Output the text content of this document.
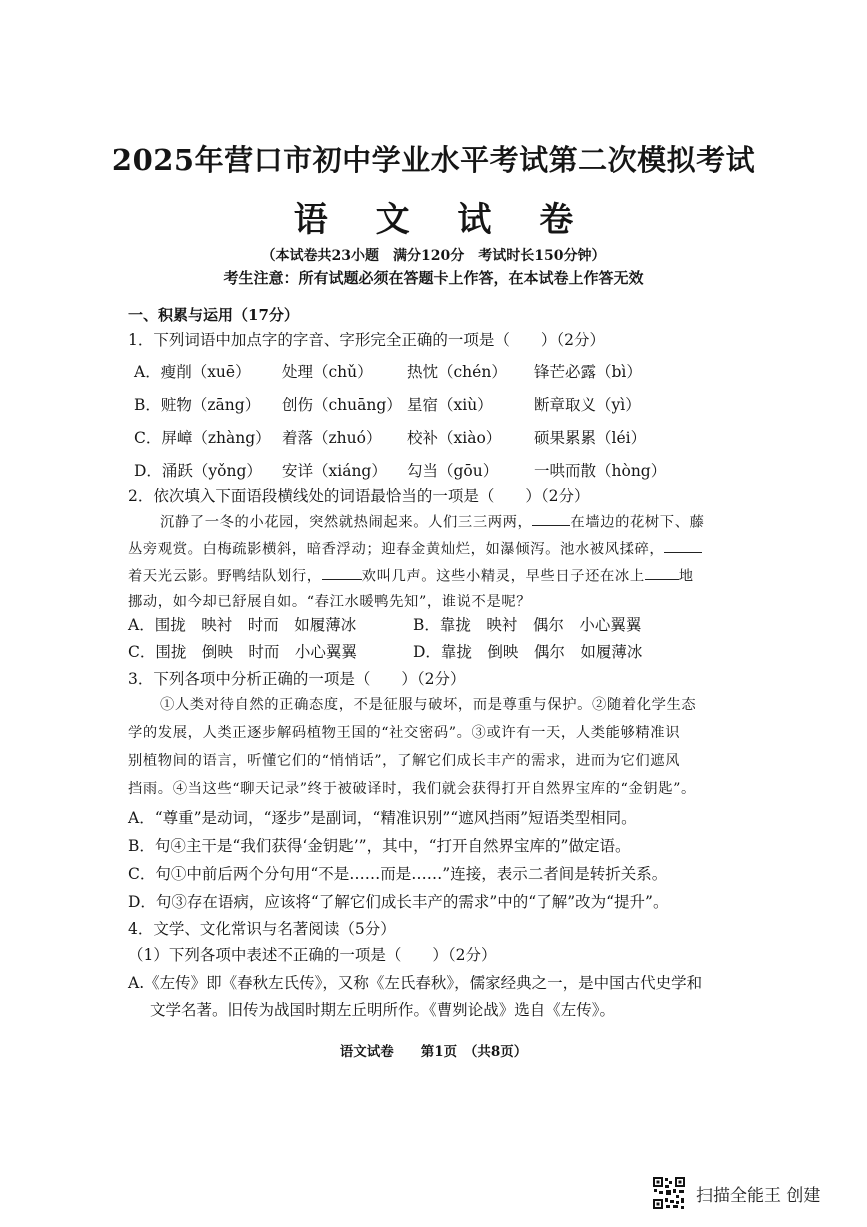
2025年营口市初中学业水平考试第二次模拟考试
语 文 试 卷
（本试卷共23小题　满分120分　考试时长150分钟）
考生注意：所有试题必须在答题卡上作答，在本试卷上作答无效
一、积累与运用（17分）
1．下列词语中加点字的字音、字形完全正确的一项是（　　）（2分）
A．瘦削（xuē） 处理（chǔ） 热忱（chén） 锋芒必露（bì）
B．赃物（zāng） 创伤（chuāng） 星宿（xiù）	断章取义（yì）
C．屏嶂（zhàng） 着落（zhuó） 校补（xiào） 硕果累累（léi）
D．涌跃（yǒng） 安详（xiáng） 勾当（gōu） 一哄而散（hòng）
2．依次填入下面语段横线处的词语最恰当的一项是（　　）（2分）
沉静了一冬的小花园，突然就热闹起来。人们三三两两，	在墙边的花树下、藤
丛旁观赏。白梅疏影横斜，暗香浮动；迎春金黄灿烂，如瀑倾泻。池水被风揉碎，
着天光云影。野鸭结队划行，	欢叫几声。这些小精灵，早些日子还在冰上 地
挪动，如今却已舒展自如。“春江水暖鸭先知”，谁说不是呢？
A．围拢　映衬　时而　如履薄冰	B．靠拢　映衬　偶尔　小心翼翼
C．围拢　倒映　时而　小心翼翼	D．靠拢　倒映　偶尔　如履薄冰
3．下列各项中分析正确的一项是（　　）（2分）
①人类对待自然的正确态度，不是征服与破坏，而是尊重与保护。②随着化学生态
学的发展，人类正逐步解码植物王国的“社交密码”。③或许有一天，人类能够精准识
别植物间的语言，听懂它们的“悄悄话”，了解它们成长丰产的需求，进而为它们遮风
挡雨。④当这些“聊天记录”终于被破译时，我们就会获得打开自然界宝库的“金钥匙”。
A．“尊重”是动词，“逐步”是副词，“精准识别”“遮风挡雨”短语类型相同。
B．句④主干是“我们获得‘金钥匙’”，其中，“打开自然界宝库的”做定语。
C．句①中前后两个分句用“不是……而是……”连接，表示二者间是转折关系。
D．句③存在语病，应该将“了解它们成长丰产的需求”中的“了解”改为“提升”。
4．文学、文化常识与名著阅读（5分）
（1）下列各项中表述不正确的一项是（　　）（2分）
A.《左传》即《春秋左氏传》，又称《左氏春秋》，儒家经典之一，是中国古代史学和
文学名著。旧传为战国时期左丘明所作。《曹刿论战》选自《左传》。
语文试卷　　第1页　（共8页）
扫描全能王 创建
